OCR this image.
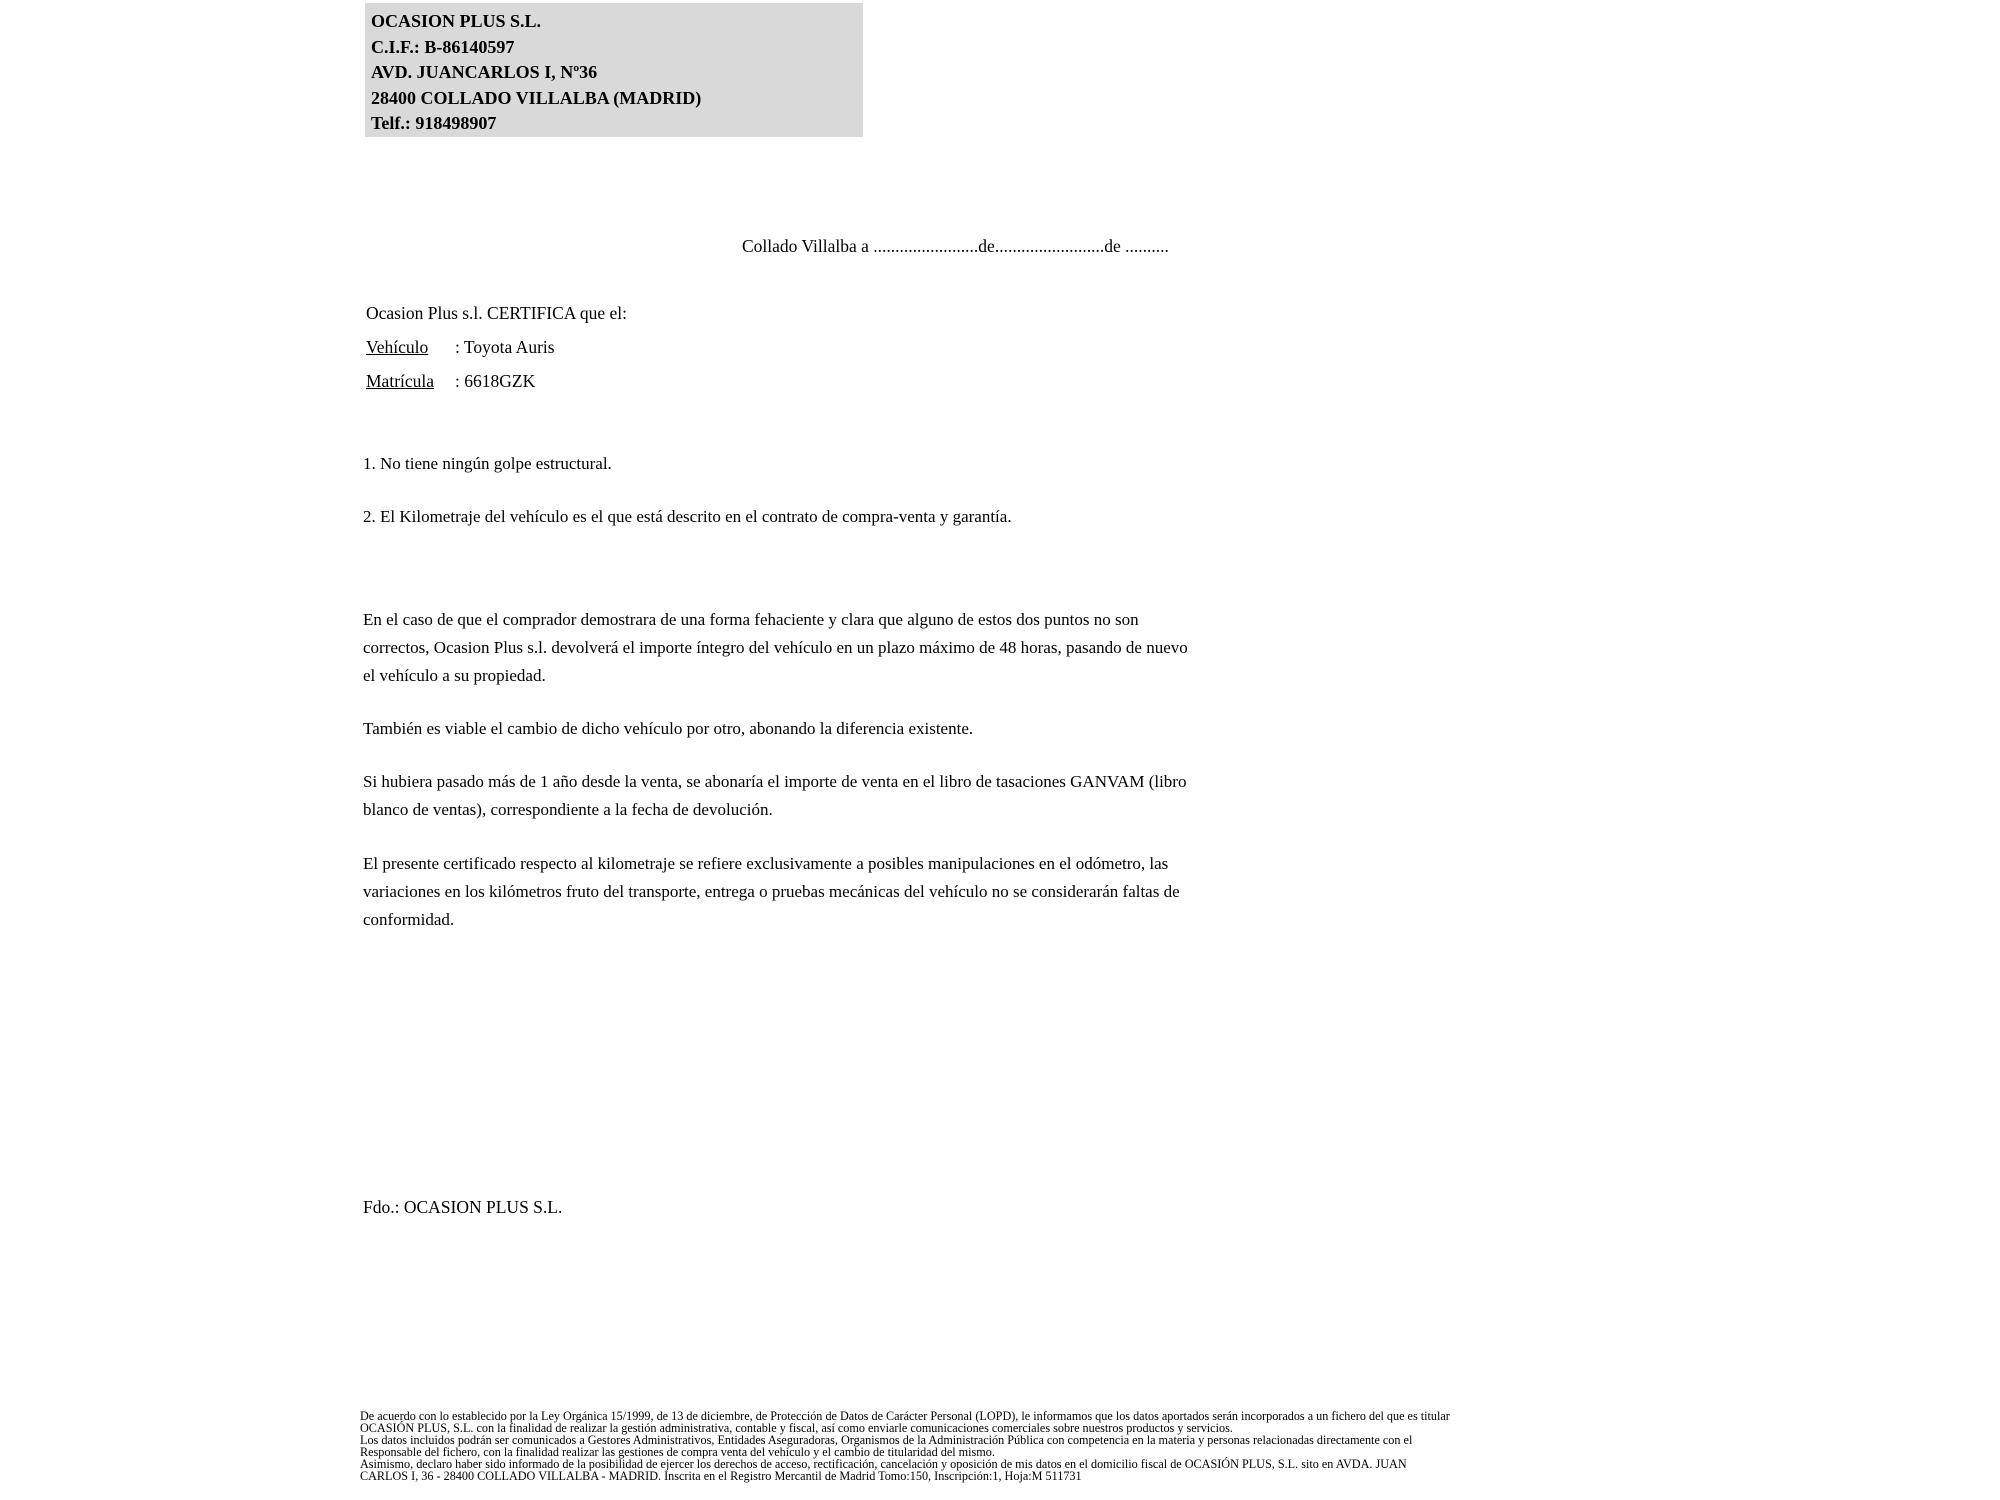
OCASION PLUS S.L.
C.I.F.: B-86140597
AVD. JUANCARLOS I, Nº36
28400 COLLADO VILLALBA (MADRID)
Telf.: 918498907
Collado Villalba a ........................de.........................de ..........
Ocasion Plus s.l. CERTIFICA que el:
Vehículo	: Toyota Auris
Matrícula	: 6618GZK
1. No tiene ningún golpe estructural.
2. El Kilometraje del vehículo es el que está descrito en el contrato de compra-venta y garantía.
En el caso de que el comprador demostrara de una forma fehaciente y clara que alguno de estos dos puntos no son correctos, Ocasion Plus s.l. devolverá el importe íntegro del vehículo en un plazo máximo de 48 horas, pasando de nuevo el vehículo a su propiedad.
También es viable el cambio de dicho vehículo por otro, abonando la diferencia existente.
Si hubiera pasado más de 1 año desde la venta, se abonaría el importe de venta en el libro de tasaciones GANVAM (libro blanco de ventas), correspondiente a la fecha de devolución.
El presente certificado respecto al kilometraje se refiere exclusivamente a posibles manipulaciones en el odómetro, las variaciones en los kilómetros fruto del transporte, entrega o pruebas mecánicas del vehículo no se considerarán faltas de conformidad.
Fdo.: OCASION PLUS S.L.
De acuerdo con lo establecido por la Ley Orgánica 15/1999, de 13 de diciembre, de Protección de Datos de Carácter Personal (LOPD), le informamos que los datos aportados serán incorporados a un fichero del que es titular
OCASIÓN PLUS, S.L. con la finalidad de realizar la gestión administrativa, contable y fiscal, así como enviarle comunicaciones comerciales sobre nuestros productos y servicios.
Los datos incluidos podrán ser comunicados a Gestores Administrativos, Entidades Aseguradoras, Organismos de la Administración Pública con competencia en la materia y personas relacionadas directamente con el
Responsable del fichero, con la finalidad realizar las gestiones de compra venta del vehículo y el cambio de titularidad del mismo.
Asimismo, declaro haber sido informado de la posibilidad de ejercer los derechos de acceso, rectificación, cancelación y oposición de mis datos en el domicilio fiscal de OCASIÓN PLUS, S.L. sito en AVDA. JUAN
CARLOS I, 36 - 28400 COLLADO VILLALBA - MADRID. Inscrita en el Registro Mercantil de Madrid Tomo:150, Inscripción:1, Hoja:M 511731
